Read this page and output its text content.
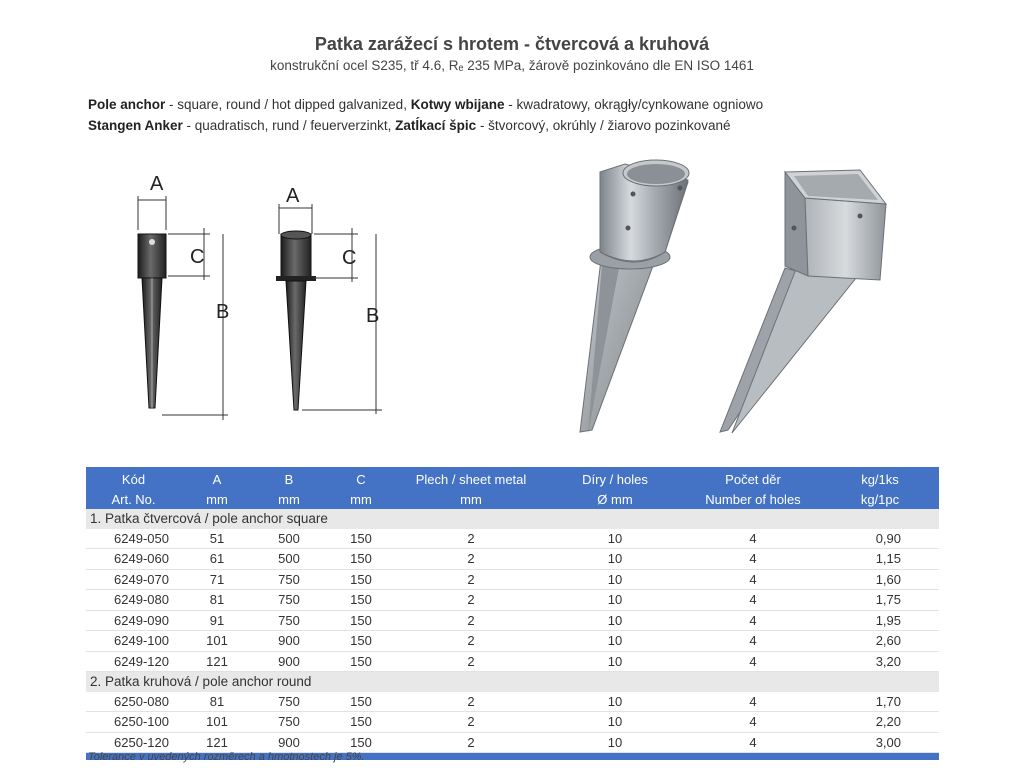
Patka zarážecí s hrotem - čtvercová a kruhová
konstrukční ocel S235, tř 4.6, Rₑ 235 MPa, žárově pozinkováno dle EN ISO 1461
Pole anchor - square, round / hot dipped galvanized, Kotwy wbijane - kwadratowy, okrągły/cynkowane ogniowo
Stangen Anker - quadratisch, rund / feuerverzinkt, Zatĺkací špic - štvorcový, okrúhly / žiarovo pozinkované
A
C
B
A
C
B
Kód	A	B	C	Plech / sheet metal	Díry / holes	Počet děr	kg/1ks
Art. No.	mm	mm	mm	mm	Ø mm	Number of holes	kg/1pc
1. Patka čtvercová / pole anchor square							
6249-050	51	500	150	2	10	4	0,90
6249-060	61	500	150	2	10	4	1,15
6249-070	71	750	150	2	10	4	1,60
6249-080	81	750	150	2	10	4	1,75
6249-090	91	750	150	2	10	4	1,95
6249-100	101	900	150	2	10	4	2,60
6249-120	121	900	150	2	10	4	3,20
2. Patka kruhová / pole anchor round							
6250-080	81	750	150	2	10	4	1,70
6250-100	101	750	150	2	10	4	2,20
6250-120	121	900	150	2	10	4	3,00
Tolerance v uvedených rozměrech a hmotnostech je 5%.
